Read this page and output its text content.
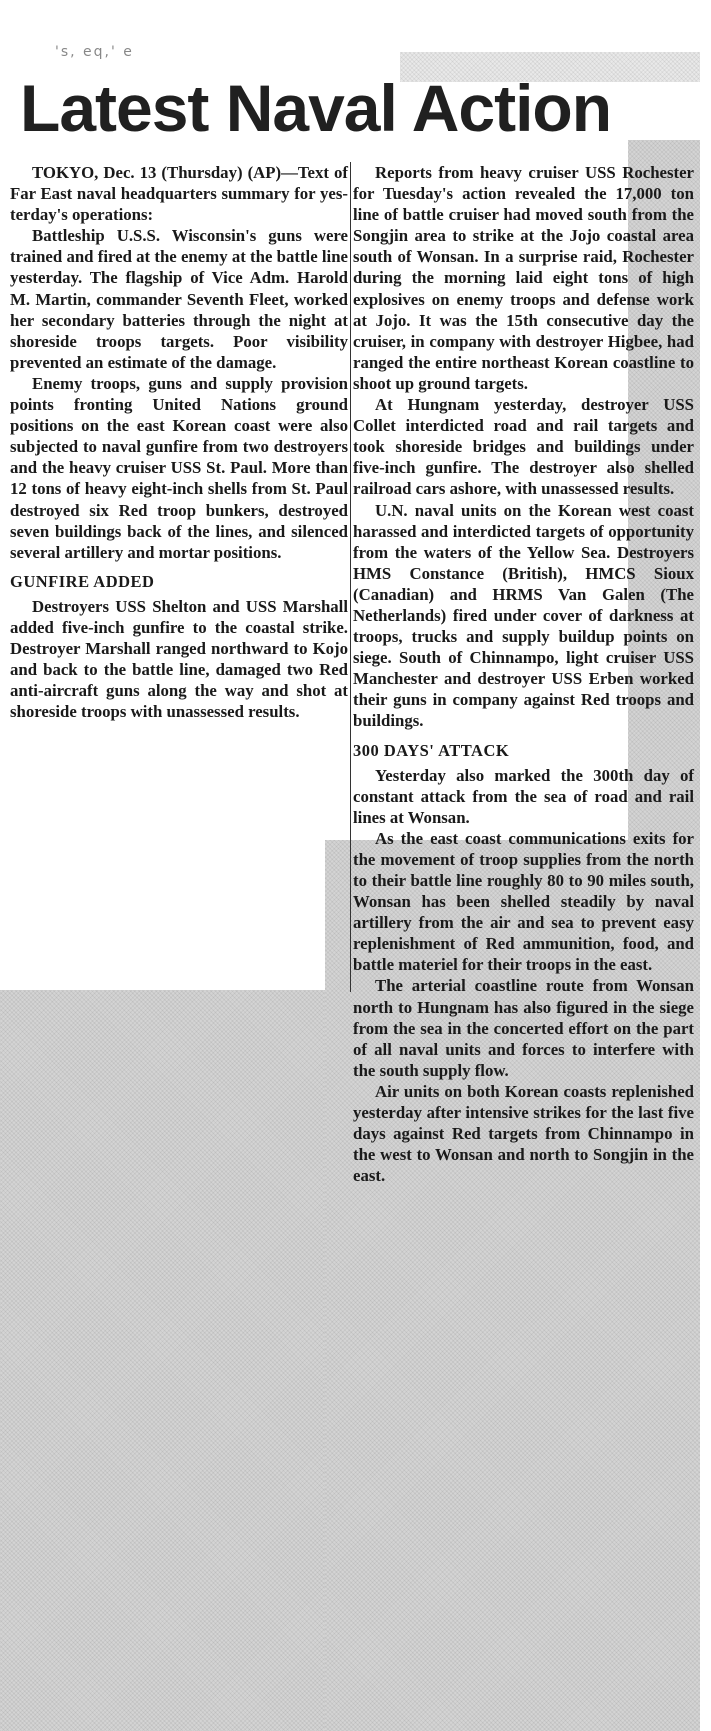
's, eq,' e
Latest Naval Action

TOKYO, Dec. 13 (Thursday) (AP)—Text of Far East naval headquarters summary for yesterday's operations:

Battleship U.S.S. Wisconsin's guns were trained and fired at the enemy at the battle line yesterday. The flagship of Vice Adm. Harold M. Martin, commander Seventh Fleet, worked her secondary batteries through the night at shoreside troops targets. Poor visibility prevented an estimate of the damage.

Enemy troops, guns and supply provision points fronting United Nations ground positions on the east Korean coast were also subjected to naval gunfire from two destroyers and the heavy cruiser USS St. Paul. More than 12 tons of heavy eight-inch shells from St. Paul destroyed six Red troop bunkers, destroyed seven buildings back of the lines, and silenced several artillery and mortar positions.

GUNFIRE ADDED

Destroyers USS Shelton and USS Marshall added five-inch gunfire to the coastal strike. Destroyer Marshall ranged northward to Kojo and back to the battle line, damaged two Red anti-aircraft guns along the way and shot at shoreside troops with unassessed results.

Reports from heavy cruiser USS Rochester for Tuesday's action revealed the 17,000 ton line of battle cruiser had moved south from the Songjin area to strike at the Jojo coastal area south of Wonsan. In a surprise raid, Rochester during the morning laid eight tons of high explosives on enemy troops and defense work at Jojo. It was the 15th consecutive day the cruiser, in company with destroyer Higbee, had ranged the entire northeast Korean coastline to shoot up ground targets.

At Hungnam yesterday, destroyer USS Collet interdicted road and rail targets and took shoreside bridges and buildings under five-inch gunfire. The destroyer also shelled railroad cars ashore, with unassessed results.

U.N. naval units on the Korean west coast harassed and interdicted targets of opportunity from the waters of the Yellow Sea. Destroyers HMS Constance (British), HMCS Sioux (Canadian) and HRMS Van Galen (The Netherlands) fired under cover of darkness at troops, trucks and supply buildup points on siege. South of Chinnampo, light cruiser USS Manchester and destroyer USS Erben worked their guns in company against Red troops and buildings.

300 DAYS' ATTACK

Yesterday also marked the 300th day of constant attack from the sea of road and rail lines at Wonsan.

As the east coast communications exits for the movement of troop supplies from the north to their battle line roughly 80 to 90 miles south, Wonsan has been shelled steadily by naval artillery from the air and sea to prevent easy replenishment of Red ammunition, food, and battle materiel for their troops in the east.

The arterial coastline route from Wonsan north to Hungnam has also figured in the siege from the sea in the concerted effort on the part of all naval units and forces to interfere with the south supply flow.

Air units on both Korean coasts replenished yesterday after intensive strikes for the last five days against Red targets from Chinnampo in the west to Wonsan and north to Songjin in the east.
